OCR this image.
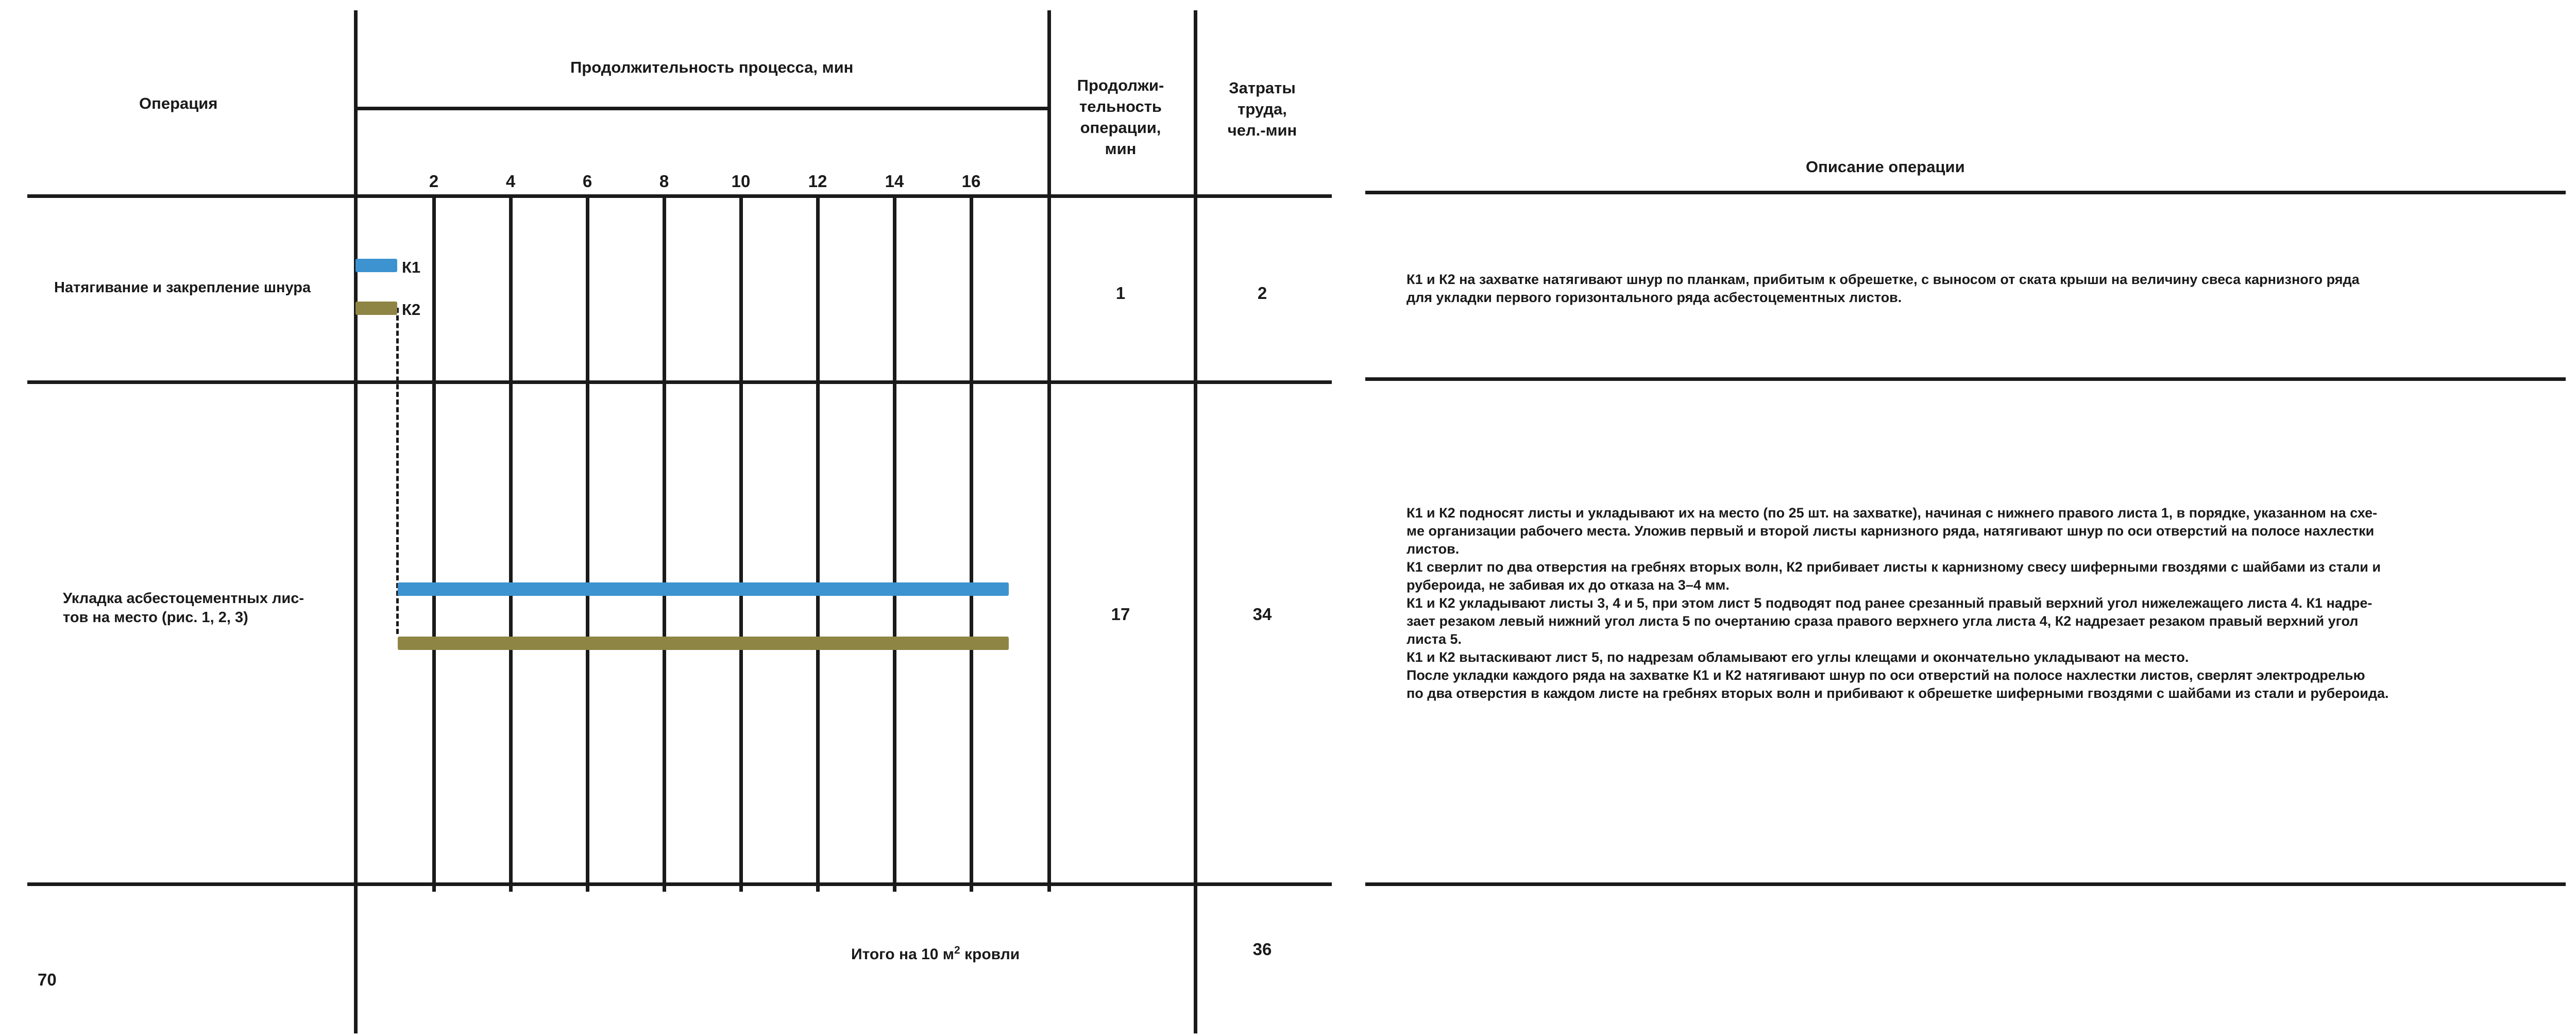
Операция
Продолжительность процесса, мин
Продолжи-
тельность
операции,
мин
Затраты
труда,
чел.-мин
2	4	6	8	10	12	14	16
Натягивание и закрепление шнура
К1
К2
1	2
Укладка асбестоцементных лис-
тов на место (рис. 1, 2, 3)	17	34
Итого на 10 $м^2$ кровли	36
70
Описание операции

К1 и К2 на захватке натягивают шнур по планкам, прибитым к обрешетке, с выносом от ската крыши на величину свеса карнизного ряда

для укладки первого горизонтального ряда асбестоцементных листов.

К1 и К2 подносят листы и укладывают их на место (по 25 шт. на захватке), начиная с нижнего правого листа 1, в порядке, указанном на схе-

ме организации рабочего места. Уложив первый и второй листы карнизного ряда, натягивают шнур по оси отверстий на полосе нахлестки

листов.

К1 сверлит по два отверстия на гребнях вторых волн, К2 прибивает листы к карнизному свесу шиферными гвоздями с шайбами из стали и

рубероида, не забивая их до отказа на 3–4 мм.

К1 и К2 укладывают листы 3, 4 и 5, при этом лист 5 подводят под ранее срезанный правый верхний угол нижележащего листа 4. К1 надре-

зает резаком левый нижний угол листа 5 по очертанию сраза правого верхнего угла листа 4, К2 надрезает резаком правый верхний угол

листа 5.

К1 и К2 вытаскивают лист 5, по надрезам обламывают его углы клещами и окончательно укладывают на место.

После укладки каждого ряда на захватке К1 и К2 натягивают шнур по оси отверстий на полосе нахлестки листов, сверлят электродрелью

по два отверстия в каждом листе на гребнях вторых волн и прибивают к обрешетке шиферными гвоздями с шайбами из стали и рубероида.
